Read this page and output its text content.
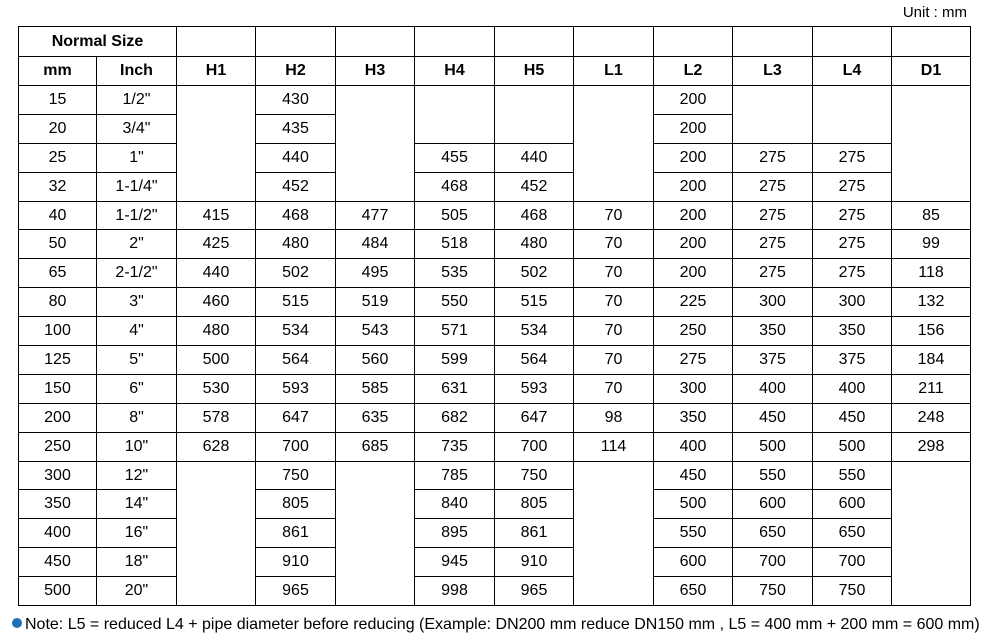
Unit : mm
Normal Size											
mm	Inch	H1	H2	H3	H4	H5	L1	L2	L3	L4	D1
15	1/2"		430					200			
20	3/4"		435					200			
25	1"		440		455	440		200	275	275	
32	1-1/4"		452		468	452		200	275	275	
40	1-1/2"	415	468	477	505	468	70	200	275	275	85
50	2"	425	480	484	518	480	70	200	275	275	99
65	2-1/2"	440	502	495	535	502	70	200	275	275	118
80	3"	460	515	519	550	515	70	225	300	300	132
100	4"	480	534	543	571	534	70	250	350	350	156
125	5"	500	564	560	599	564	70	275	375	375	184
150	6"	530	593	585	631	593	70	300	400	400	211
200	8"	578	647	635	682	647	98	350	450	450	248
250	10"	628	700	685	735	700	114	400	500	500	298
300	12"		750		785	750		450	550	550	
350	14"		805		840	805		500	600	600	
400	16"		861		895	861		550	650	650	
450	18"		910		945	910		600	700	700	
500	20"		965		998	965		650	750	750	
Note: L5 = reduced L4 + pipe diameter before reducing (Example: DN200 mm reduce DN150 mm , L5 = 400 mm + 200 mm = 600 mm)
